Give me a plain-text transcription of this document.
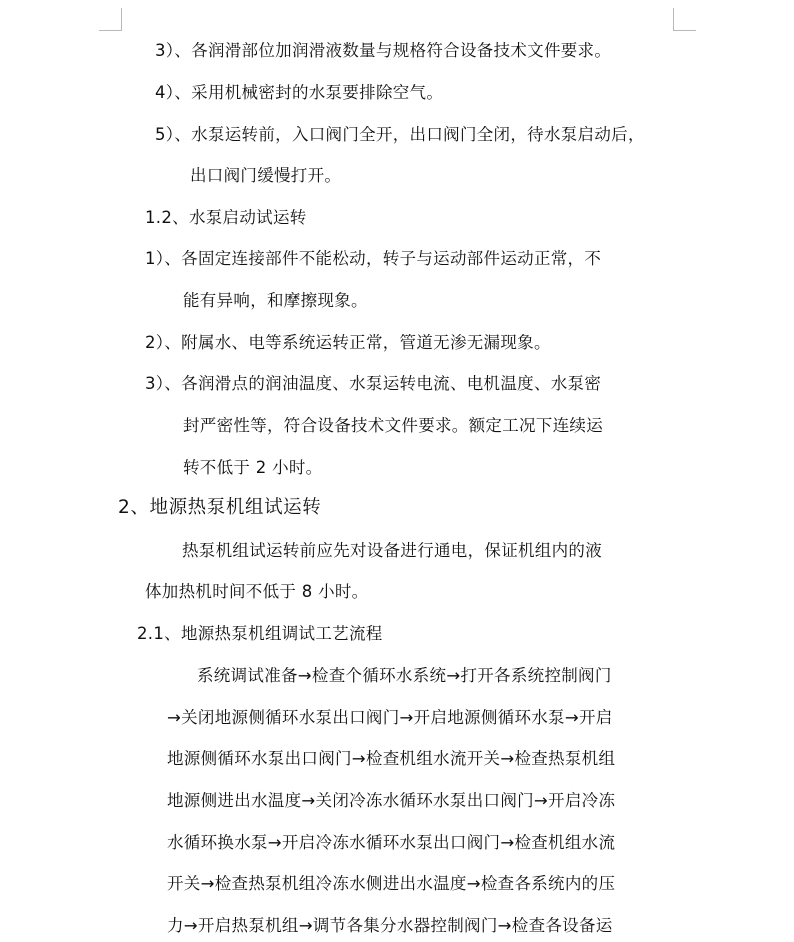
3）、各润滑部位加润滑液数量与规格符合设备技术文件要求。
4）、采用机械密封的水泵要排除空气。
5）、水泵运转前，入口阀门全开，出口阀门全闭，待水泵启动后，
出口阀门缓慢打开。
1.2、水泵启动试运转
1）、各固定连接部件不能松动，转子与运动部件运动正常，不
能有异响，和摩擦现象。
2）、附属水、电等系统运转正常，管道无渗无漏现象。
3）、各润滑点的润油温度、水泵运转电流、电机温度、水泵密
封严密性等，符合设备技术文件要求。额定工况下连续运
转不低于 2 小时。
2、地源热泵机组试运转
热泵机组试运转前应先对设备进行通电，保证机组内的液
体加热机时间不低于 8 小时。
2.1、地源热泵机组调试工艺流程
系统调试准备→检查个循环水系统→打开各系统控制阀门
→关闭地源侧循环水泵出口阀门→开启地源侧循环水泵→开启
地源侧循环水泵出口阀门→检查机组水流开关→检查热泵机组
地源侧进出水温度→关闭冷冻水循环水泵出口阀门→开启冷冻
水循环换水泵→开启冷冻水循环水泵出口阀门→检查机组水流
开关→检查热泵机组冷冻水侧进出水温度→检查各系统内的压
力→开启热泵机组→调节各集分水器控制阀门→检查各设备运
